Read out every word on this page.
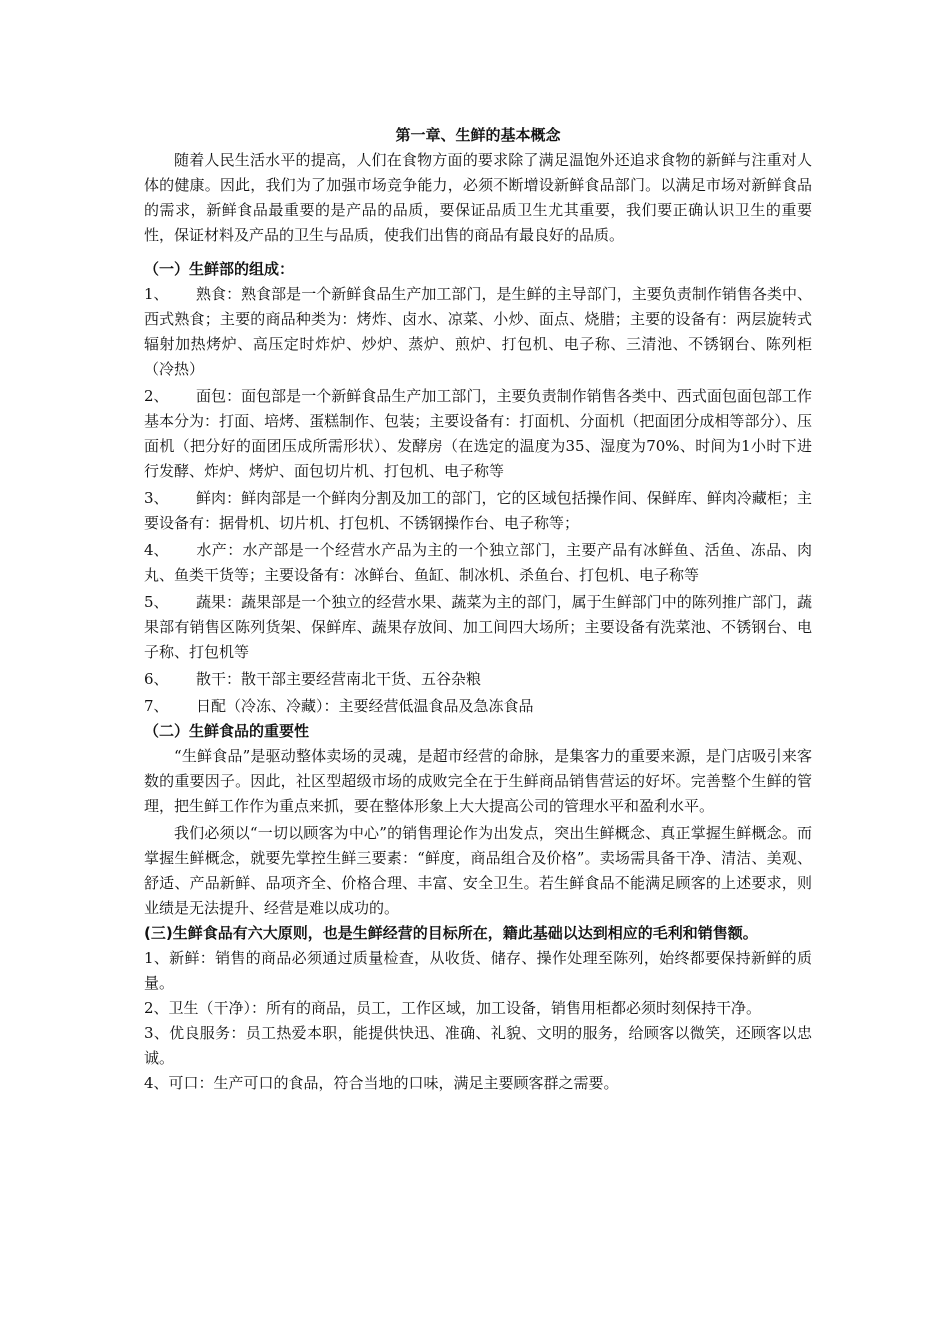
第一章、生鲜的基本概念

随着人民生活水平的提高，人们在食物方面的要求除了满足温饱外还追求食物的新鲜与注重对人体的健康。因此，我们为了加强市场竞争能力，必须不断增设新鲜食品部门。以满足市场对新鲜食品的需求，新鲜食品最重要的是产品的品质，要保证品质卫生尤其重要，我们要正确认识卫生的重要性，保证材料及产品的卫生与品质，使我们出售的商品有最良好的品质。

（一）生鲜部的组成：

1、 熟食：熟食部是一个新鲜食品生产加工部门，是生鲜的主导部门，主要负责制作销售各类中、西式熟食；主要的商品种类为：烤炸、卤水、凉菜、小炒、面点、烧腊；主要的设备有：两层旋转式辐射加热烤炉、高压定时炸炉、炒炉、蒸炉、煎炉、打包机、电子称、三清池、不锈钢台、陈列柜（冷热）

2、 面包：面包部是一个新鲜食品生产加工部门，主要负责制作销售各类中、西式面包面包部工作基本分为：打面、培烤、蛋糕制作、包装；主要设备有：打面机、分面机（把面团分成相等部分）、压面机（把分好的面团压成所需形状）、发酵房（在选定的温度为35、湿度为70%、时间为1小时下进行发酵、炸炉、烤炉、面包切片机、打包机、电子称等

3、 鲜肉：鲜肉部是一个鲜肉分割及加工的部门，它的区域包括操作间、保鲜库、鲜肉冷藏柜；主要设备有：据骨机、切片机、打包机、不锈钢操作台、电子称等；

4、 水产：水产部是一个经营水产品为主的一个独立部门，主要产品有冰鲜鱼、活鱼、冻品、肉丸、鱼类干货等；主要设备有：冰鲜台、鱼缸、制冰机、杀鱼台、打包机、电子称等

5、 蔬果：蔬果部是一个独立的经营水果、蔬菜为主的部门，属于生鲜部门中的陈列推广部门，蔬果部有销售区陈列货架、保鲜库、蔬果存放间、加工间四大场所；主要设备有洗菜池、不锈钢台、电子称、打包机等

6、 散干：散干部主要经营南北干货、五谷杂粮

7、 日配（冷冻、冷藏）：主要经营低温食品及急冻食品

（二）生鲜食品的重要性

“生鲜食品”是驱动整体卖场的灵魂，是超市经营的命脉，是集客力的重要来源，是门店吸引来客数的重要因子。因此，社区型超级市场的成败完全在于生鲜商品销售营运的好坏。完善整个生鲜的管理，把生鲜工作作为重点来抓，要在整体形象上大大提高公司的管理水平和盈利水平。

我们必须以“一切以顾客为中心”的销售理论作为出发点，突出生鲜概念、真正掌握生鲜概念。而掌握生鲜概念，就要先掌控生鲜三要素：“鲜度，商品组合及价格”。卖场需具备干净、清洁、美观、舒适、产品新鲜、品项齐全、价格合理、丰富、安全卫生。若生鲜食品不能满足顾客的上述要求，则业绩是无法提升、经营是难以成功的。

(三)生鲜食品有六大原则，也是生鲜经营的目标所在，籍此基础以达到相应的毛利和销售额。

1、新鲜：销售的商品必须通过质量检查，从收货、储存、操作处理至陈列，始终都要保持新鲜的质量。

2、卫生（干净）：所有的商品，员工，工作区域，加工设备，销售用柜都必须时刻保持干净。

3、优良服务：员工热爱本职，能提供快迅、准确、礼貌、文明的服务，给顾客以微笑，还顾客以忠诚。

4、可口：生产可口的食品，符合当地的口味，满足主要顾客群之需要。
